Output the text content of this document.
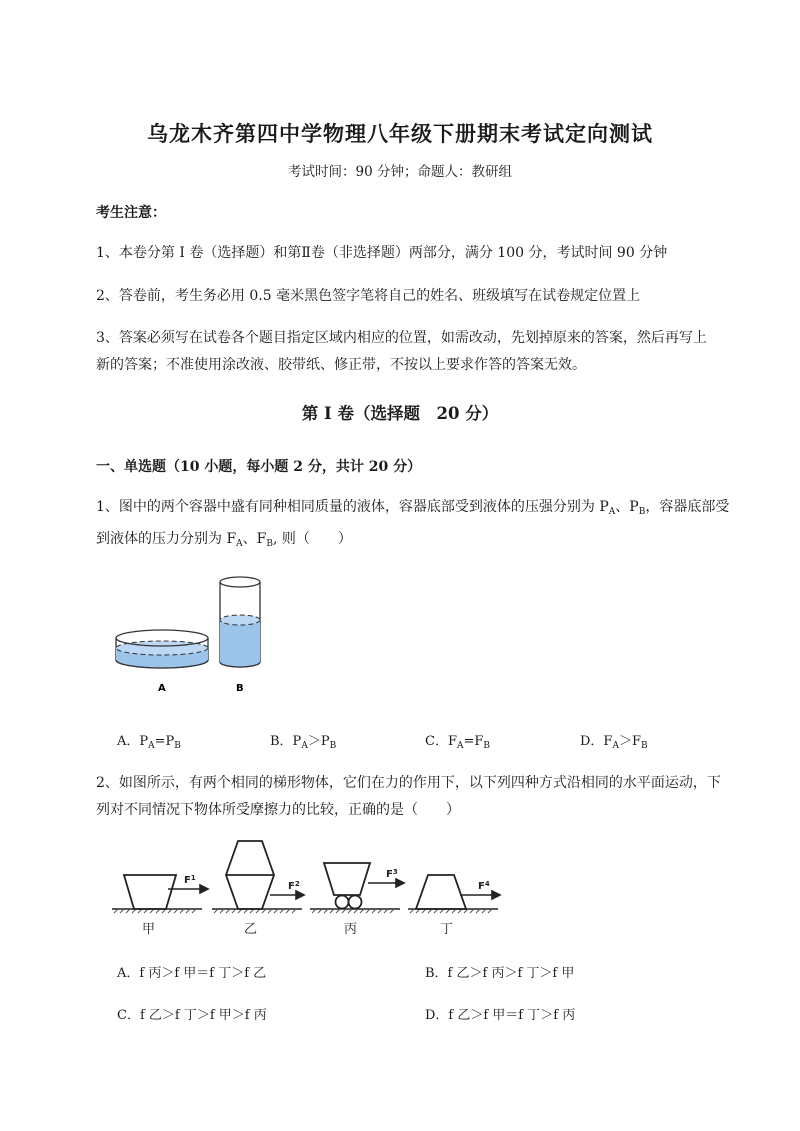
乌龙木齐第四中学物理八年级下册期末考试定向测试
考试时间：90 分钟；命题人：教研组
考生注意：
1、本卷分第 I 卷（选择题）和第Ⅱ卷（非选择题）两部分，满分 100 分，考试时间 90 分钟
2、答卷前，考生务必用 0.5 毫米黑色签字笔将自己的姓名、班级填写在试卷规定位置上
3、答案必须写在试卷各个题目指定区域内相应的位置，如需改动，先划掉原来的答案，然后再写上新的答案；不准使用涂改液、胶带纸、修正带，不按以上要求作答的答案无效。
第 I 卷（选择题　20 分）
一、单选题（10 小题，每小题 2 分，共计 20 分）
1、图中的两个容器中盛有同种相同质量的液体，容器底部受到液体的压强分别为 $P_A$、$P_B$，容器底部受
到液体的压力分别为 $F_A$、$F_B$, 则（　　）
A	B
A．$P_A=P_B$	B．$P_A>P_B$	C．$F_A=F_B$	D．$F_A>F_B$
2、如图所示，有两个相同的梯形物体，它们在力的作用下，以下列四种方式沿相同的水平面运动，下
列对不同情况下物体所受摩擦力的比较，正确的是（　　）
$F^1$
$F^2$
$F^3$
$F^4$
甲	乙	丙	丁
A．f 丙＞f 甲＝f 丁＞f 乙	B．f 乙＞f 丙＞f 丁＞f 甲
C．f 乙＞f 丁＞f 甲＞f 丙	D．f 乙＞f 甲＝f 丁＞f 丙
